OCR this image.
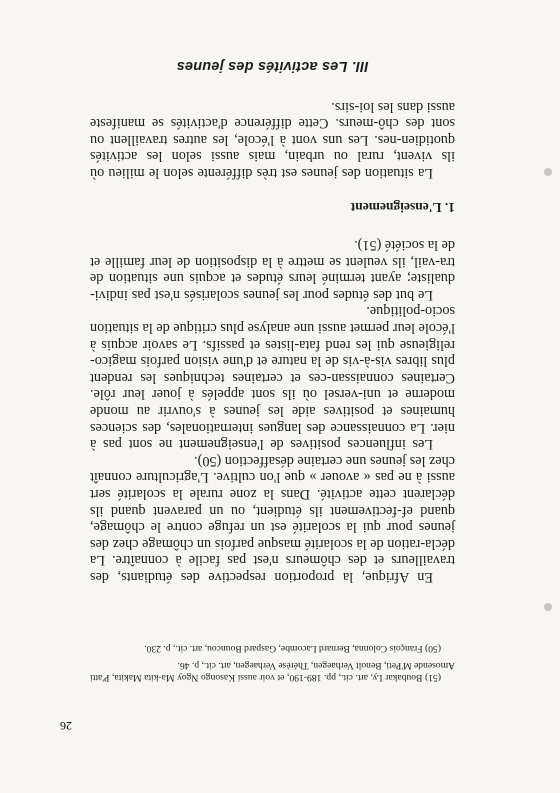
26

(51) Boubakar Ly, art. cit., pp. 189-190, et voir aussi Kasongo Ngoy Ma-kita Makita, P'atti Amosende M'Peti, Benoît Verhaegen, Thérèse Verhaegen, art. cit., p. 46.

(50) François Colonna, Bernard Lacombe, Gaspard Bouncou, art. cit., p. 230.

En Afrique, la proportion respective des étudiants, des travailleurs et des chômeurs n'est pas facile à connaître. La décla-ration de la scolarité masque parfois un chômage chez des jeunes pour qui la scolarité est un refuge contre le chômage, quand ef-fectivement ils étudient, ou un paravent quand ils déclarent cette activité. Dans la zone rurale la scolarité sert aussi à ne pas « avouer » que l'on cultive. L'agriculture connaît chez les jeunes une certaine désaffection (50).

Les influences positives de l'enseignement ne sont pas à nier. La connaissance des langues internationales, des sciences humaines et positives aide les jeunes à s'ouvrir au monde moderne et uni-versel où ils sont appelés à jouer leur rôle. Certaines connaissan-ces et certaines techniques les rendent plus libres vis-à-vis de la nature et d'une vision parfois magico-religieuse qui les rend fata-listes et passifs. Le savoir acquis à l'école leur permet aussi une analyse plus critique de la situation socio-politique.

Le but des études pour les jeunes scolarisés n'est pas indivi-dualiste; ayant terminé leurs études et acquis une situation de tra-vail, ils veulent se mettre à la disposition de leur famille et de la société (51).

1. L'enseignement

La situation des jeunes est très différente selon le milieu où ils vivent, rural ou urbain, mais aussi selon les activités quotidien-nes. Les uns vont à l'école, les autres travaillent ou sont des chô-meurs. Cette différence d'activités se manifeste aussi dans les loi-sirs.

III. Les activités des jeunes
